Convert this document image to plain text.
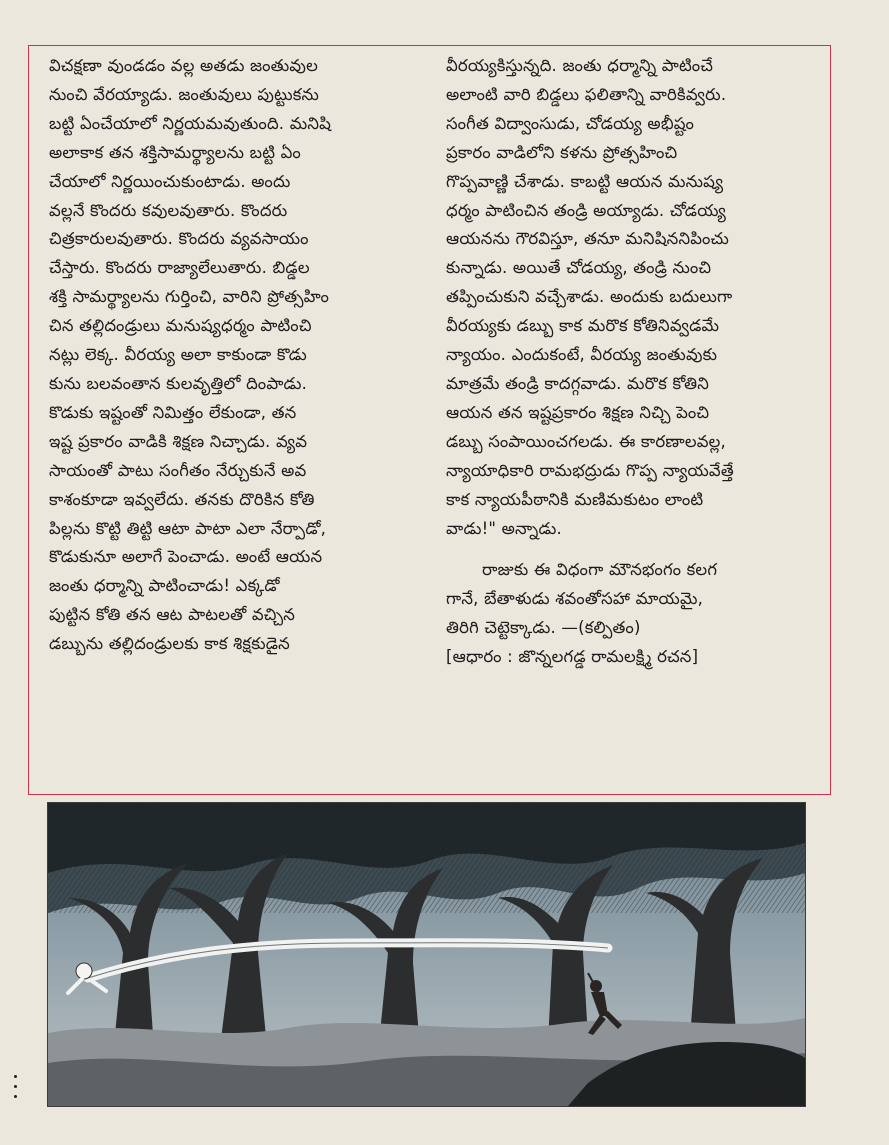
విచక్షణా వుండడం వల్ల అతడు జంతువుల
నుంచి వేరయ్యాడు. జంతువులు పుట్టుకను
బట్టి ఏంచేయాలో నిర్ణయమవుతుంది. మనిషి
అలాకాక తన శక్తిసామర్థ్యాలను బట్టి ఏం
చేయాలో నిర్ణయించుకుంటాడు. అందు
వల్లనే కొందరు కవులవుతారు. కొందరు
చిత్రకారులవుతారు. కొందరు వ్యవసాయం
చేస్తారు. కొందరు రాజ్యాలేలుతారు. బిడ్డల
శక్తి సామర్థ్యాలను గుర్తించి, వారిని ప్రోత్సహిం
చిన తల్లిదండ్రులు మనుష్యధర్మం పాటించి
నట్లు లెక్క. వీరయ్య అలా కాకుండా కొడు
కును బలవంతాన కులవృత్తిలో దింపాడు.
కొడుకు ఇష్టంతో నిమిత్తం లేకుండా, తన
ఇష్ట ప్రకారం వాడికి శిక్షణ నిచ్చాడు. వ్యవ
సాయంతో పాటు సంగీతం నేర్చుకునే అవ
కాశంకూడా ఇవ్వలేదు. తనకు దొరికిన కోతి
పిల్లను కొట్టి తిట్టి ఆటా పాటా ఎలా నేర్పాడో,
కొడుకునూ అలాగే పెంచాడు. అంటే ఆయన
జంతు ధర్మాన్ని పాటించాడు! ఎక్కడో
పుట్టిన కోతి తన ఆట పాటలతో వచ్చిన
డబ్బును తల్లిదండ్రులకు కాక శిక్షకుడైన

వీరయ్యకిస్తున్నది. జంతు ధర్మాన్ని పాటించే
అలాంటి వారి బిడ్డలు ఫలితాన్ని వారికివ్వరు.
సంగీత విద్వాంసుడు, చోడయ్య అభీష్టం
ప్రకారం వాడిలోని కళను ప్రోత్సహించి
గొప్పవాణ్ణి చేశాడు. కాబట్టి ఆయన మనుష్య
ధర్మం పాటించిన తండ్రి అయ్యాడు. చోడయ్య
ఆయనను గౌరవిస్తూ, తనూ మనిషిననిపించు
కున్నాడు. అయితే చోడయ్య, తండ్రి నుంచి
తప్పించుకుని వచ్చేశాడు. అందుకు బదులుగా
వీరయ్యకు డబ్బు కాక మరొక కోతినివ్వడమే
న్యాయం. ఎందుకంటే, వీరయ్య జంతువుకు
మాత్రమే తండ్రి కాదగ్గవాడు. మరొక కోతిని
ఆయన తన ఇష్టప్రకారం శిక్షణ నిచ్చి పెంచి
డబ్బు సంపాయించగలడు. ఈ కారణాలవల్ల,
న్యాయాధికారి రామభద్రుడు గొప్ప న్యాయవేత్తే
కాక న్యాయపీఠానికి మణిమకుటం లాంటి
వాడు!" అన్నాడు.

రాజుకు ఈ విధంగా మౌనభంగం కలగ
గానే, బేతాళుడు శవంతోసహా మాయమై,
తిరిగి చెట్టెక్కాడు. —(కల్పితం)
[ఆధారం : జొన్నలగడ్డ రామలక్ష్మి రచన]

Sankar
